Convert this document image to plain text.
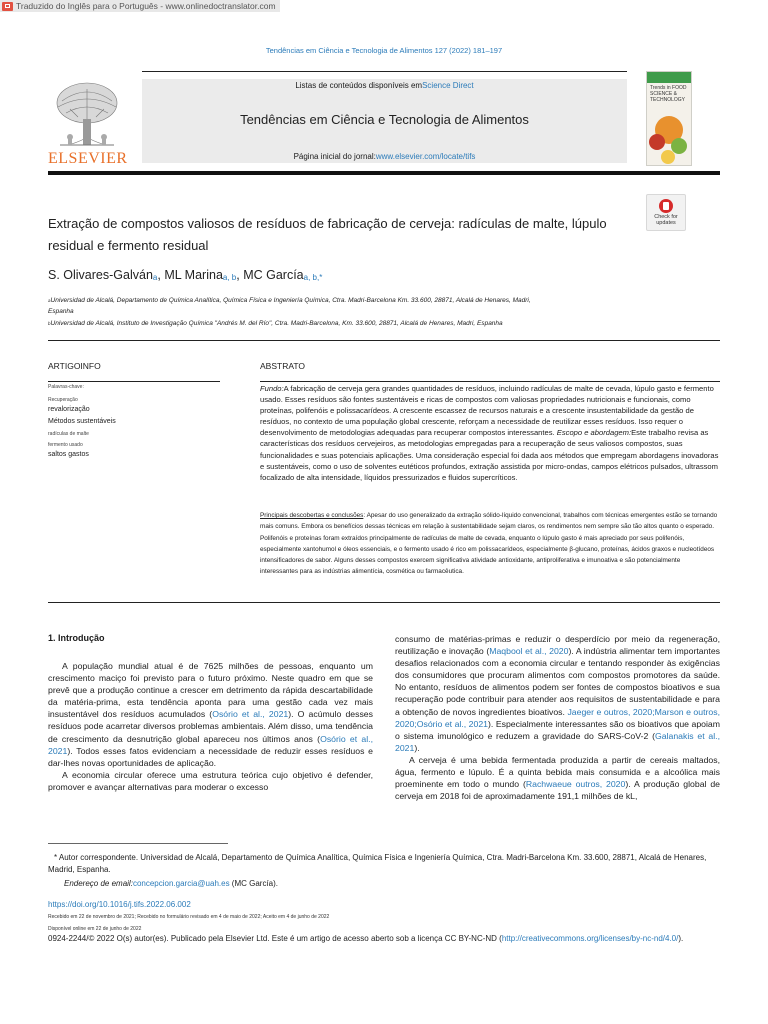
Traduzido do Inglês para o Português - www.onlinedoctranslator.com
Tendências em Ciência e Tecnologia de Alimentos 127 (2022) 181–197
ELSEVIER
Listas de conteúdos disponíveis emScience Direct
Tendências em Ciência e Tecnologia de Alimentos
Página inicial do jornal:www.elsevier.com/locate/tifs
Trends in FOOD SCIENCE & TECHNOLOGY
Check for
updates
Extração de compostos valiosos de resíduos de fabricação de cerveja: radículas de malte, lúpulo
residual e fermento residual
S. Olivares-Galván$^a$, ML Marina$^{a, b}$, MC García$^{a, b,*}$
aUniversidad de Alcalá, Departamento de Química Analítica, Química Física e Ingeniería Química, Ctra. Madri-Barcelona Km. 33.600, 28871, Alcalá de Henares, Madri,
Espanha
bUniversidad de Alcalá, Instituto de Investigação Química "Andrés M. del Río", Ctra. Madri-Barcelona, Km. 33.600, 28871, Alcalá de Henares, Madri, Espanha
ARTIGOINFO
Palavras-chave:
Recuperação
revalorização
Métodos sustentáveis
radículas de malte
fermento usado
saltos gastos
ABSTRATO
Fundo:A fabricação de cerveja gera grandes quantidades de resíduos, incluindo radículas de malte de cevada, lúpulo gasto e fermento usado. Esses resíduos são fontes sustentáveis e ricas de compostos com valiosas propriedades nutricionais e funcionais, como proteínas, polifenóis e polissacarídeos. A crescente escassez de recursos naturais e a crescente insustentabilidade da gestão de resíduos, no contexto de uma população global crescente, reforçam a necessidade de reutilizar esses resíduos. Isso requer o desenvolvimento de metodologias adequadas para recuperar compostos interessantes. Escopo e abordagem:Este trabalho revisa as características dos resíduos cervejeiros, as metodologias empregadas para a recuperação de seus valiosos compostos, suas funcionalidades e suas potenciais aplicações. Uma consideração especial foi dada aos métodos que empregam abordagens inovadoras e sustentáveis, como o uso de solventes eutéticos profundos, extração assistida por micro-ondas, campos elétricos pulsados, ultrassom focalizado de alta intensidade, líquidos pressurizados e fluidos supercríticos.
Principais descobertas e conclusões: Apesar do uso generalizado da extração sólido-líquido convencional, trabalhos com técnicas emergentes estão se tornando mais comuns. Embora os benefícios dessas técnicas em relação à sustentabilidade sejam claros, os rendimentos nem sempre são tão altos quanto o esperado. Polifenóis e proteínas foram extraídos principalmente de radículas de malte de cevada, enquanto o lúpulo gasto é mais apreciado por seus polifenóis, especialmente xantohumol e óleos essenciais, e o fermento usado é rico em polissacarídeos, especialmente β-glucano, proteínas, ácidos graxos e nucleotídeos intensificadores de sabor. Alguns desses compostos exercem significativa atividade antioxidante, antiproliferativa e imunoativa e são potencialmente interessantes para as indústrias alimentícia, cosmética ou farmacêutica.
1. Introdução

A população mundial atual é de 7625 milhões de pessoas, enquanto um crescimento maciço foi previsto para o futuro próximo. Neste quadro em que se prevê que a produção continue a crescer em detrimento da rápida descartabilidade da matéria-prima, esta tendência aponta para uma gestão cada vez mais insustentável dos resíduos acumulados (Osório et al., 2021). O acúmulo desses resíduos pode acarretar diversos problemas ambientais. Além disso, uma tendência de crescimento da desnutrição global apareceu nos últimos anos (Osório et al., 2021). Todos esses fatos evidenciam a necessidade de reduzir esses resíduos e dar-lhes novas oportunidades de aplicação.

A economia circular oferece uma estrutura teórica cujo objetivo é defender, promover e avançar alternativas para moderar o excesso

consumo de matérias-primas e reduzir o desperdício por meio da regeneração, reutilização e inovação (Maqbool et al., 2020). A indústria alimentar tem importantes desafios relacionados com a economia circular e tentando responder às exigências dos consumidores que procuram alimentos com compostos promotores da saúde. No entanto, resíduos de alimentos podem ser fontes de compostos bioativos e sua recuperação pode contribuir para atender aos requisitos de sustentabilidade e para a obtenção de novos ingredientes bioativos. Jaeger e outros, 2020;Marson e outros, 2020;Osório et al., 2021). Especialmente interessantes são os bioativos que apoiam o sistema imunológico e reduzem a gravidade do SARS-CoV-2 (Galanakis et al., 2021).

A cerveja é uma bebida fermentada produzida a partir de cereais maltados, água, fermento e lúpulo. É a quinta bebida mais consumida e a alcoólica mais proeminente em todo o mundo (Rachwaeue outros, 2020). A produção global de cerveja em 2018 foi de aproximadamente 191,1 milhões de kL,

* Autor correspondente. Universidad de Alcalá, Departamento de Química Analítica, Química Física e Ingeniería Química, Ctra. Madri-Barcelona Km. 33.600, 28871, Alcalá de Henares, Madrid, Espanha.
Endereço de email:concepcion.garcia@uah.es (MC García).
https://doi.org/10.1016/j.tifs.2022.06.002
Recebido em 22 de novembro de 2021; Recebido no formulário revisado em 4 de maio de 2022; Aceito em 4 de junho de 2022
Disponível online em 22 de junho de 2022
0924-2244/© 2022 O(s) autor(es). Publicado pela Elsevier Ltd. Este é um artigo de acesso aberto sob a licença CC BY-NC-ND (http://creativecommons.org/licenses/by-nc-nd/4.0/).
